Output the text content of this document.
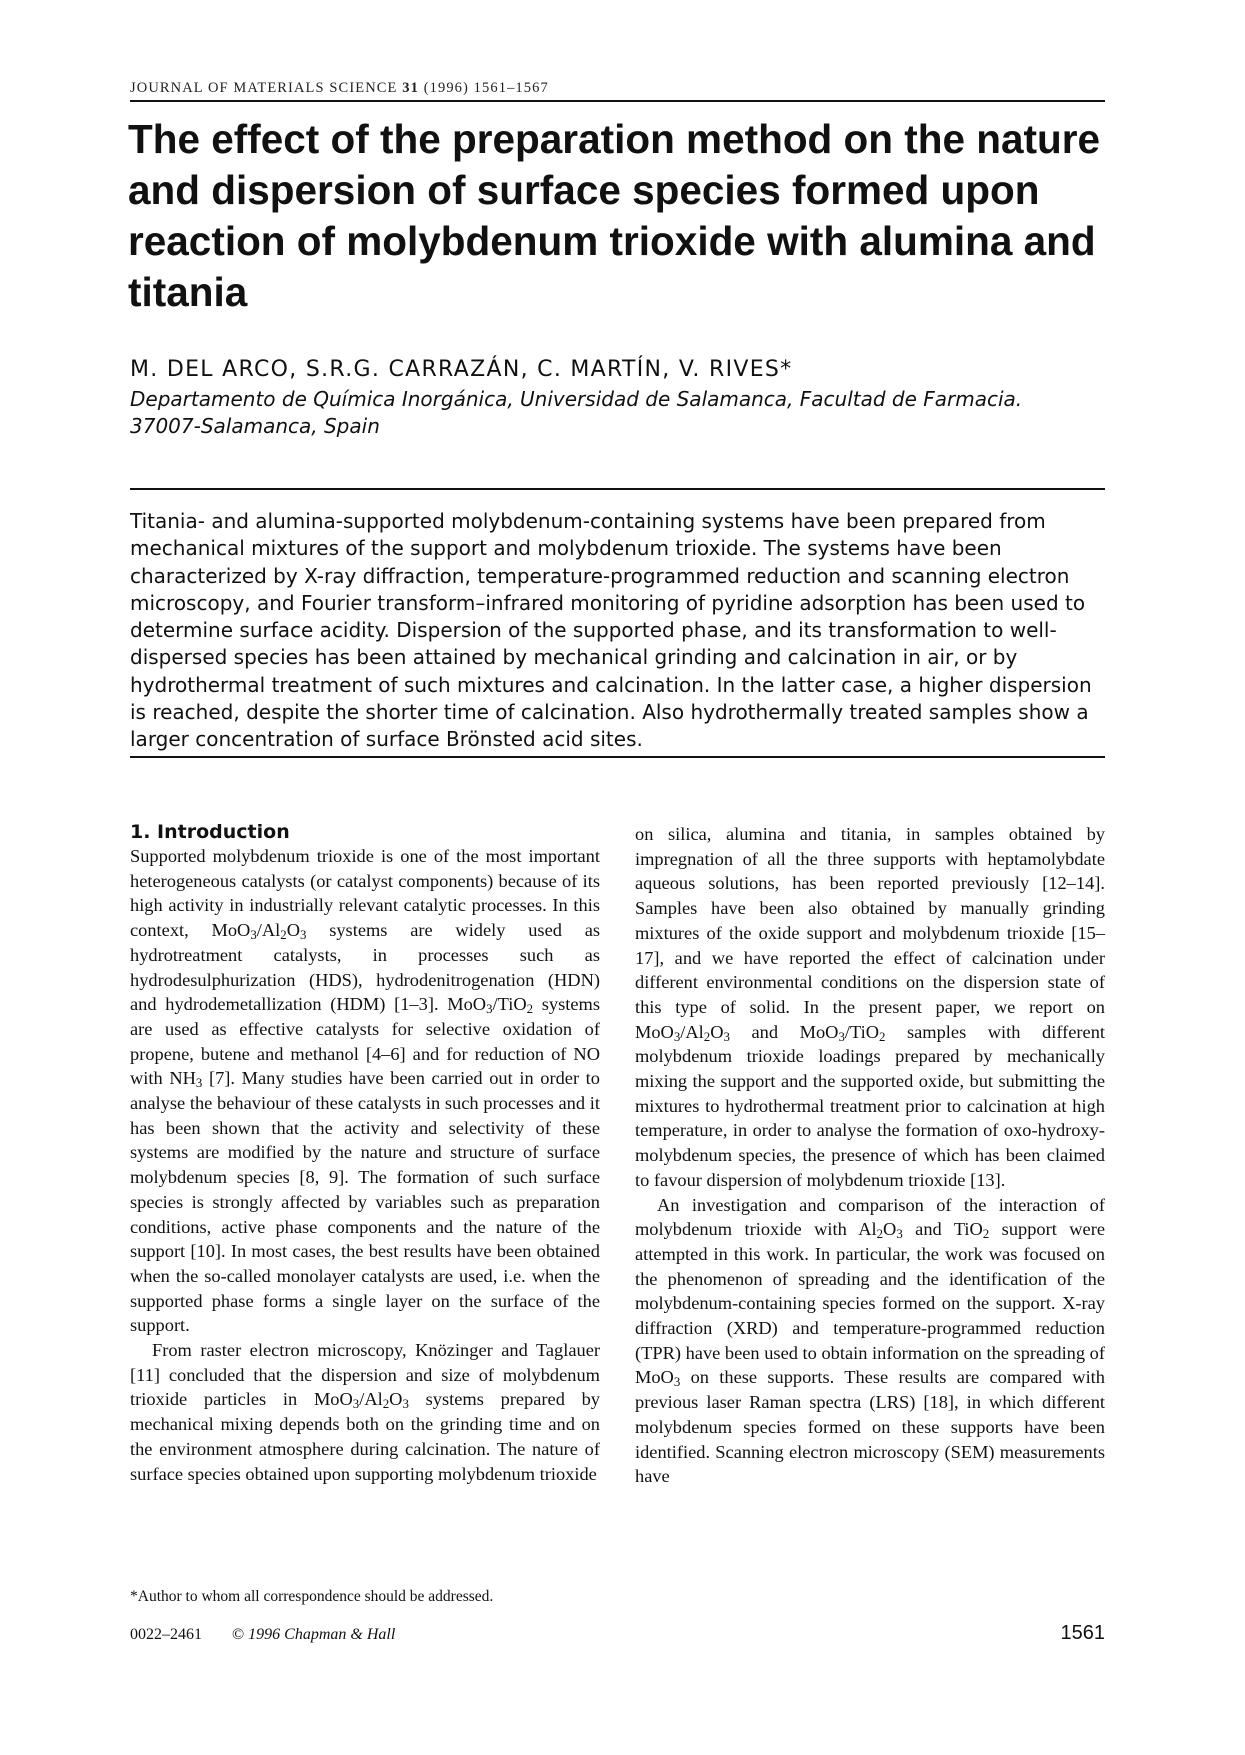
JOURNAL OF MATERIALS SCIENCE 31 (1996) 1561–1567
The effect of the preparation method on the nature and dispersion of surface species formed upon reaction of molybdenum trioxide with alumina and titania

M. DEL ARCO, S.R.G. CARRAZÁN, C. MARTÍN, V. RIVES*

Departamento de Química Inorgánica, Universidad de Salamanca, Facultad de Farmacia.
37007-Salamanca, Spain

Titania- and alumina-supported molybdenum-containing systems have been prepared from mechanical mixtures of the support and molybdenum trioxide. The systems have been characterized by X-ray diffraction, temperature-programmed reduction and scanning electron microscopy, and Fourier transform–infrared monitoring of pyridine adsorption has been used to determine surface acidity. Dispersion of the supported phase, and its transformation to well-dispersed species has been attained by mechanical grinding and calcination in air, or by hydrothermal treatment of such mixtures and calcination. In the latter case, a higher dispersion is reached, despite the shorter time of calcination. Also hydrothermally treated samples show a larger concentration of surface Brönsted acid sites.

1. Introduction

Supported molybdenum trioxide is one of the most important heterogeneous catalysts (or catalyst components) because of its high activity in industrially relevant catalytic processes. In this context, $MoO_3/Al_2O_3$ systems are widely used as hydrotreatment catalysts, in processes such as hydrodesulphurization (HDS), hydrodenitrogenation (HDN) and hydrodemetallization (HDM) [1–3]. MoO$_3$/TiO$_2$ systems are used as effective catalysts for selective oxidation of propene, butene and methanol [4–6] and for reduction of NO with $NH_3$ [7]. Many studies have been carried out in order to analyse the behaviour of these catalysts in such processes and it has been shown that the activity and selectivity of these systems are modified by the nature and structure of surface molybdenum species [8, 9]. The formation of such surface species is strongly affected by variables such as preparation conditions, active phase components and the nature of the support [10]. In most cases, the best results have been obtained when the so-called monolayer catalysts are used, i.e. when the supported phase forms a single layer on the surface of the support.

From raster electron microscopy, Knözinger and Taglauer [11] concluded that the dispersion and size of molybdenum trioxide particles in $MoO_3/Al_2O_3$ systems prepared by mechanical mixing depends both on the grinding time and on the environment atmosphere during calcination. The nature of surface species obtained upon supporting molybdenum trioxide

on silica, alumina and titania, in samples obtained by impregnation of all the three supports with heptamolybdate aqueous solutions, has been reported previously [12–14]. Samples have been also obtained by manually grinding mixtures of the oxide support and molybdenum trioxide [15–17], and we have reported the effect of calcination under different environmental conditions on the dispersion state of this type of solid. In the present paper, we report on $MoO_3/Al_2O_3$ and MoO$_3$/TiO$_2$ samples with different molybdenum trioxide loadings prepared by mechanically mixing the support and the supported oxide, but submitting the mixtures to hydrothermal treatment prior to calcination at high temperature, in order to analyse the formation of oxo-hydroxy-molybdenum species, the presence of which has been claimed to favour dispersion of molybdenum trioxide [13].

An investigation and comparison of the interaction of molybdenum trioxide with $Al_2O_3$ and TiO$_2$ support were attempted in this work. In particular, the work was focused on the phenomenon of spreading and the identification of the molybdenum-containing species formed on the support. X-ray diffraction (XRD) and temperature-programmed reduction (TPR) have been used to obtain information on the spreading of MoO$_3$ on these supports. These results are compared with previous laser Raman spectra (LRS) [18], in which different molybdenum species formed on these supports have been identified. Scanning electron microscopy (SEM) measurements have

*Author to whom all correspondence should be addressed.
0022–2461 © 1996 Chapman & Hall	1561
